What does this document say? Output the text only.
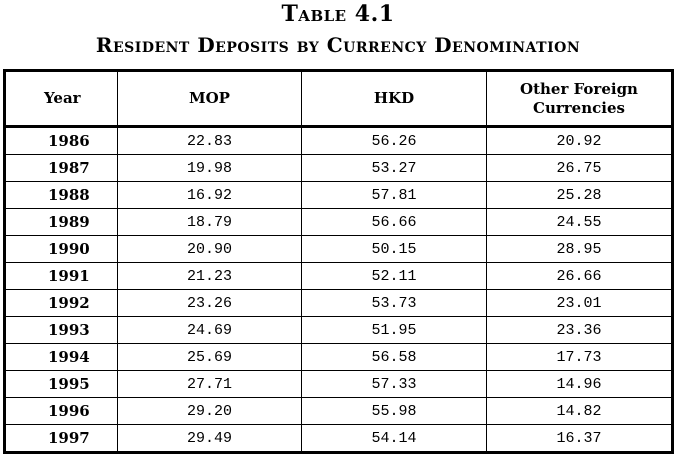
Table 4.1
Resident Deposits by Currency Denomination
Year	MOP	HKD	Other Foreign Currencies
1986	22.83	56.26	20.92
1987	19.98	53.27	26.75
1988	16.92	57.81	25.28
1989	18.79	56.66	24.55
1990	20.90	50.15	28.95
1991	21.23	52.11	26.66
1992	23.26	53.73	23.01
1993	24.69	51.95	23.36
1994	25.69	56.58	17.73
1995	27.71	57.33	14.96
1996	29.20	55.98	14.82
1997	29.49	54.14	16.37
